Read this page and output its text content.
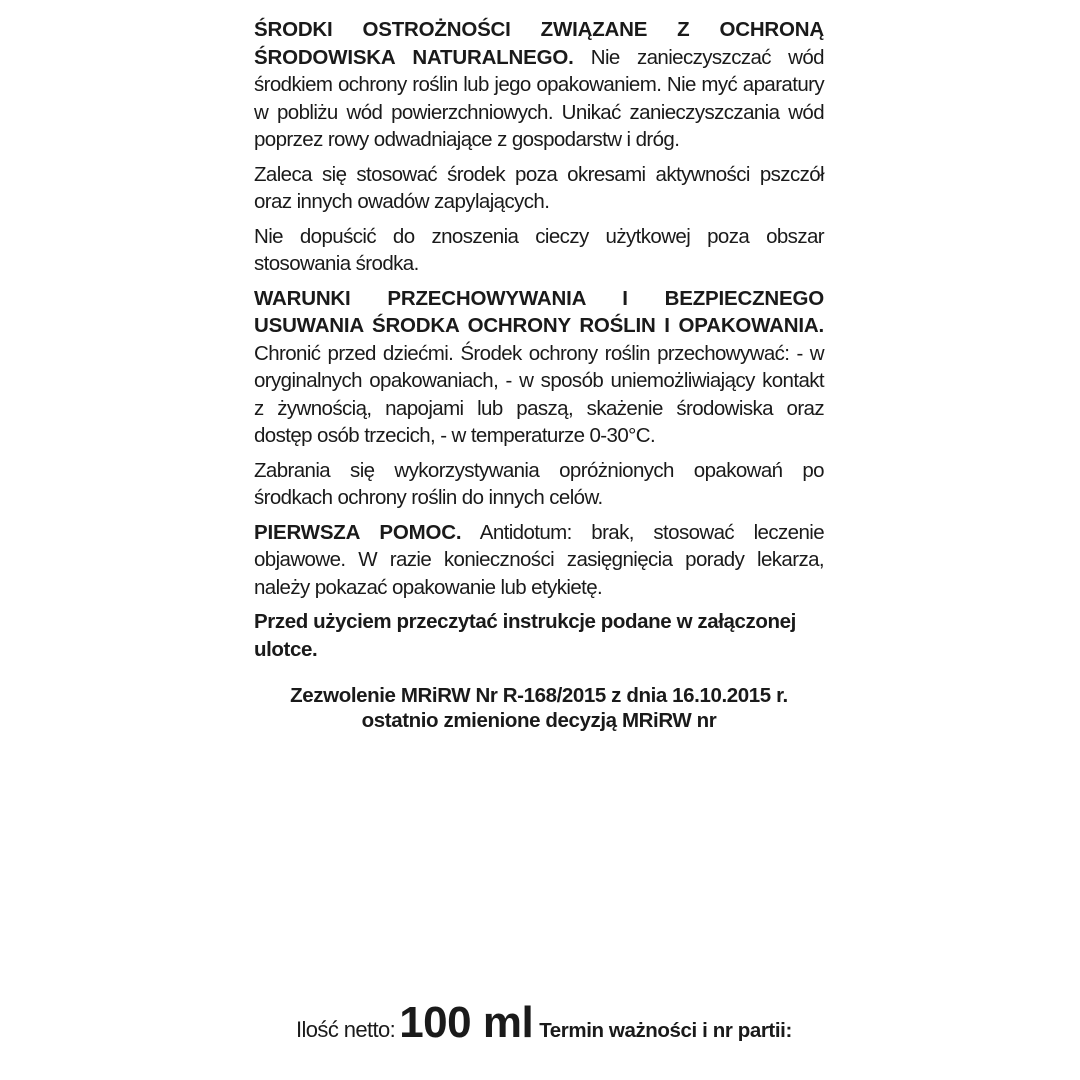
ŚRODKI OSTROŻNOŚCI ZWIĄZANE Z OCHRONĄ ŚRODOWISKA NATURALNEGO. Nie zanieczyszczać wód środkiem ochrony roślin lub jego opakowaniem. Nie myć aparatury w pobliżu wód powierzchniowych. Unikać zanieczyszczania wód poprzez rowy odwadniające z gospodarstw i dróg.

Zaleca się stosować środek poza okresami aktywności pszczół oraz innych owadów zapylających.

Nie dopuścić do znoszenia cieczy użytkowej poza obszar stosowania środka.

WARUNKI PRZECHOWYWANIA I BEZPIECZNEGO USUWANIA ŚRODKA OCHRONY ROŚLIN I OPAKOWANIA. Chronić przed dziećmi. Środek ochrony roślin przechowywać: - w oryginalnych opakowaniach, - w sposób uniemożliwiający kontakt z żywnością, napojami lub paszą, skażenie środowiska oraz dostęp osób trzecich, - w temperaturze 0-30°C.

Zabrania się wykorzystywania opróżnionych opakowań po środkach ochrony roślin do innych celów.

PIERWSZA POMOC. Antidotum: brak, stosować leczenie objawowe. W razie konieczności zasięgnięcia porady lekarza, należy pokazać opakowanie lub etykietę.

Przed użyciem przeczytać instrukcje podane w załączonej ulotce.

Zezwolenie MRiRW Nr R-168/2015 z dnia 16.10.2015 r.
ostatnio zmienione decyzją MRiRW nr
Ilość netto: 100 ml Termin ważności i nr partii:
